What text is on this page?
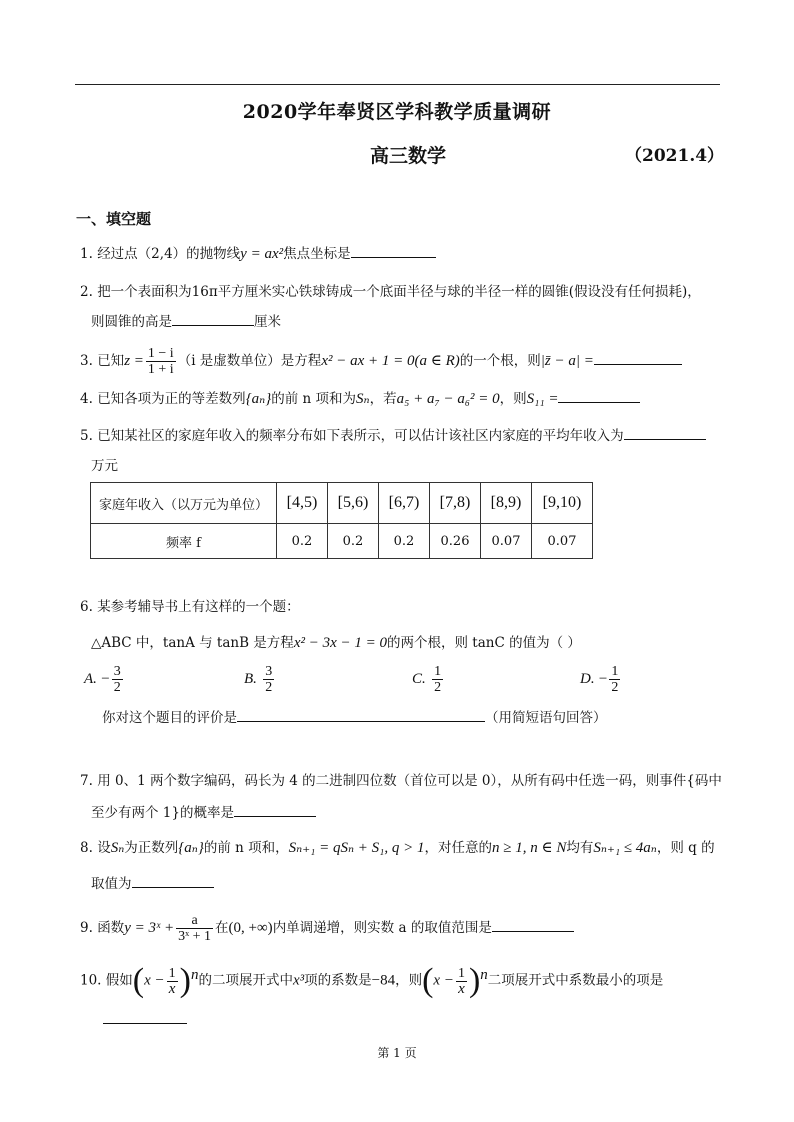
2020学年奉贤区学科教学质量调研
高三数学	（2021.4）
一、填空题
1. 经过点（2,4）的抛物线y = ax²焦点坐标是
2. 把一个表面积为16π平方厘米实心铁球铸成一个底面半径与球的半径一样的圆锥(假设没有任何损耗)，
则圆锥的高是	厘米
3. 已知$z = \frac{1 - i}{1 + i} (i$ 是虚数单位）是方程x² − ax + 1 = 0(a ∈ R)的一个根，则|z̄ − a| =
4. 已知各项为正的等差数列{aₙ}的前 n 项和为Sₙ，若a₅ + a₇ − a₆² = 0，则S₁₁ =
5. 已知某社区的家庭年收入的频率分布如下表所示，可以估计该社区内家庭的平均年收入为
万元
家庭年收入（以万元为单位）	[4,5)	[5,6)	[6,7)	[7,8)	[8,9)	[9,10)
频率 f	0.2	0.2	0.2	0.26	0.07	0.07
6. 某参考辅导书上有这样的一个题：
△ABC 中，tanA 与 tanB 是方程x² − 3x − 1 = 0的两个根，则 tanC 的值为（ ）
A. − $\frac{3}{2}$	B. $\frac{3}{2}$	C. $\frac{1}{2}$	D. − $\frac{1}{2}$
你对这个题目的评价是	（用简短语句回答）
7. 用 0、1 两个数字编码，码长为 4 的二进制四位数（首位可以是 0），从所有码中任选一码，则事件{码中
至少有两个 1}的概率是
8. 设Sₙ为正数列{aₙ}的前 n 项和，Sₙ₊₁ = qSₙ + S₁, q > 1，对任意的n ≥ 1, n ∈ N均有Sₙ₊₁ ≤ 4aₙ，则 q 的
取值为
9. 函数y = 3ˣ + $\frac{a}{\text{3ˣ + 1}}$ 在(0, +∞)内单调递增，则实数 a 的取值范围是
10. 假如$(x - \frac{1}{x} )^n$的二项展开式中x³项的系数是−84，则$(x - \frac{1}{x} )^n$二项展开式中系数最小的项是
第 1 页
